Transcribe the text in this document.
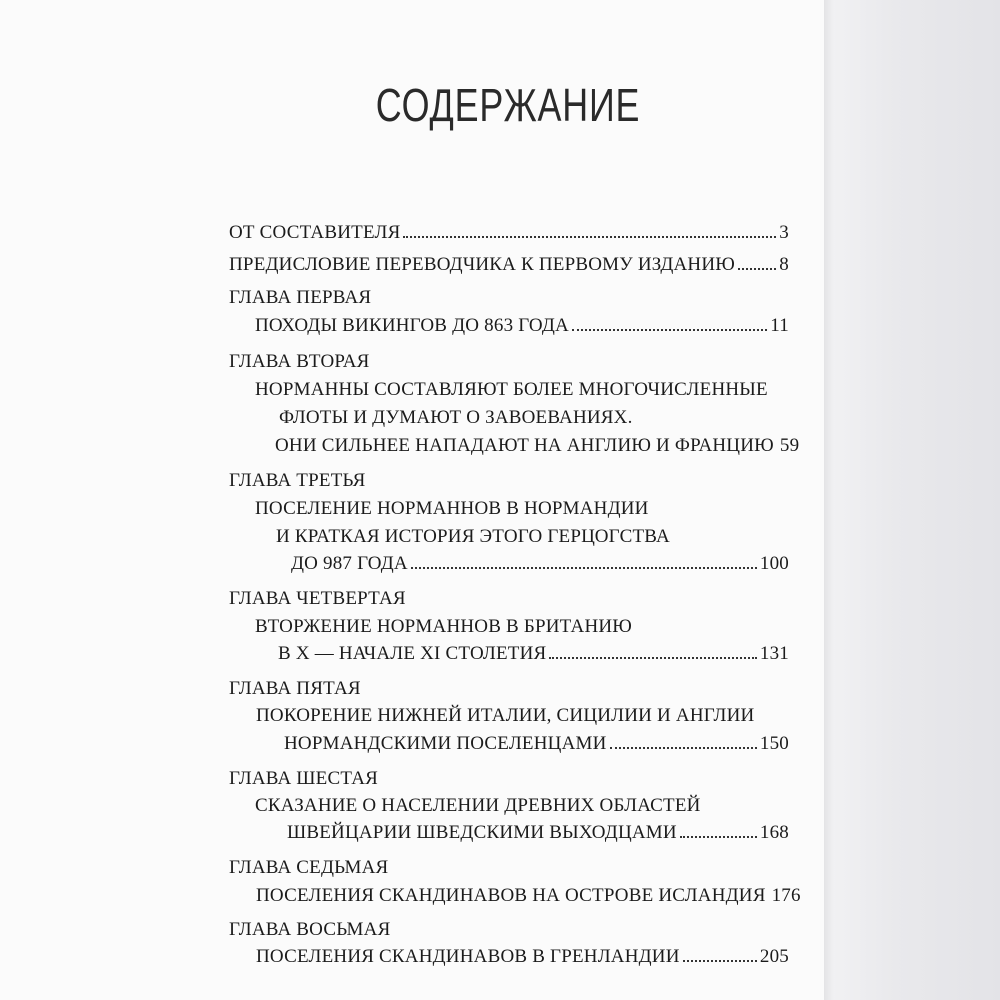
СОДЕРЖАНИЕ
ОТ СОСТАВИТЕЛЯ	3
ПРЕДИСЛОВИЕ ПЕРЕВОДЧИКА К ПЕРВОМУ ИЗДАНИЮ 8
ГЛАВА ПЕРВАЯ
ПОХОДЫ ВИКИНГОВ ДО 863 ГОДА	11
ГЛАВА ВТОРАЯ
НОРМАННЫ СОСТАВЛЯЮТ БОЛЕЕ МНОГОЧИСЛЕННЫЕ
ФЛОТЫ И ДУМАЮТ О ЗАВОЕВАНИЯХ.
ОНИ СИЛЬНЕЕ НАПАДАЮТ НА АНГЛИЮ И ФРАНЦИЮ 59
ГЛАВА ТРЕТЬЯ
ПОСЕЛЕНИЕ НОРМАННОВ В НОРМАНДИИ
И КРАТКАЯ ИСТОРИЯ ЭТОГО ГЕРЦОГСТВА
ДО 987 ГОДА	100
ГЛАВА ЧЕТВЕРТАЯ
ВТОРЖЕНИЕ НОРМАННОВ В БРИТАНИЮ
В X — НАЧАЛЕ XI СТОЛЕТИЯ	131
ГЛАВА ПЯТАЯ
ПОКОРЕНИЕ НИЖНЕЙ ИТАЛИИ, СИЦИЛИИ И АНГЛИИ
НОРМАНДСКИМИ ПОСЕЛЕНЦАМИ	150
ГЛАВА ШЕСТАЯ
СКАЗАНИЕ О НАСЕЛЕНИИ ДРЕВНИХ ОБЛАСТЕЙ
ШВЕЙЦАРИИ ШВЕДСКИМИ ВЫХОДЦАМИ	168
ГЛАВА СЕДЬМАЯ
ПОСЕЛЕНИЯ СКАНДИНАВОВ НА ОСТРОВЕ ИСЛАНДИЯ 176
ГЛАВА ВОСЬМАЯ
ПОСЕЛЕНИЯ СКАНДИНАВОВ В ГРЕНЛАНДИИ	205
